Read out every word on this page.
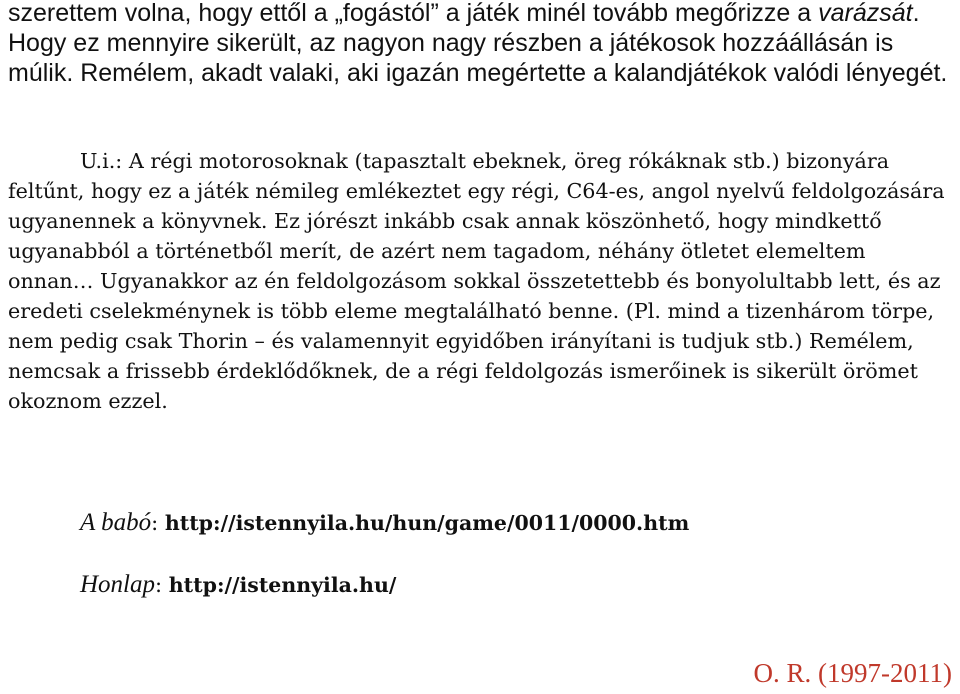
szerettem volna, hogy ettől a „fogástól” a játék minél tovább megőrizze a varázsát. Hogy ez mennyire sikerült, az nagyon nagy részben a játékosok hozzáállásán is múlik. Remélem, akadt valaki, aki igazán megértette a kalandjátékok valódi lényegét.

U.i.: A régi motorosoknak (tapasztalt ebeknek, öreg rókáknak stb.) bizonyára feltűnt, hogy ez a játék némileg emlékeztet egy régi, C64-es, angol nyelvű feldolgozására ugyanennek a könyvnek. Ez jórészt inkább csak annak köszönhető, hogy mindkettő ugyanabból a történetből merít, de azért nem tagadom, néhány ötletet elemeltem onnan… Ugyanakkor az én feldolgozásom sokkal összetettebb és bonyolultabb lett, és az eredeti cselekménynek is több eleme megtalálható benne. (Pl. mind a tizenhárom törpe, nem pedig csak Thorin – és valamennyit egyidőben irányítani is tudjuk stb.) Remélem, nemcsak a frissebb érdeklődőknek, de a régi feldolgozás ismerőinek is sikerült örömet okoznom ezzel.

A babó: http://istennyila.hu/hun/game/0011/0000.htm

Honlap: http://istennyila.hu/

O. R. (1997-2011)
